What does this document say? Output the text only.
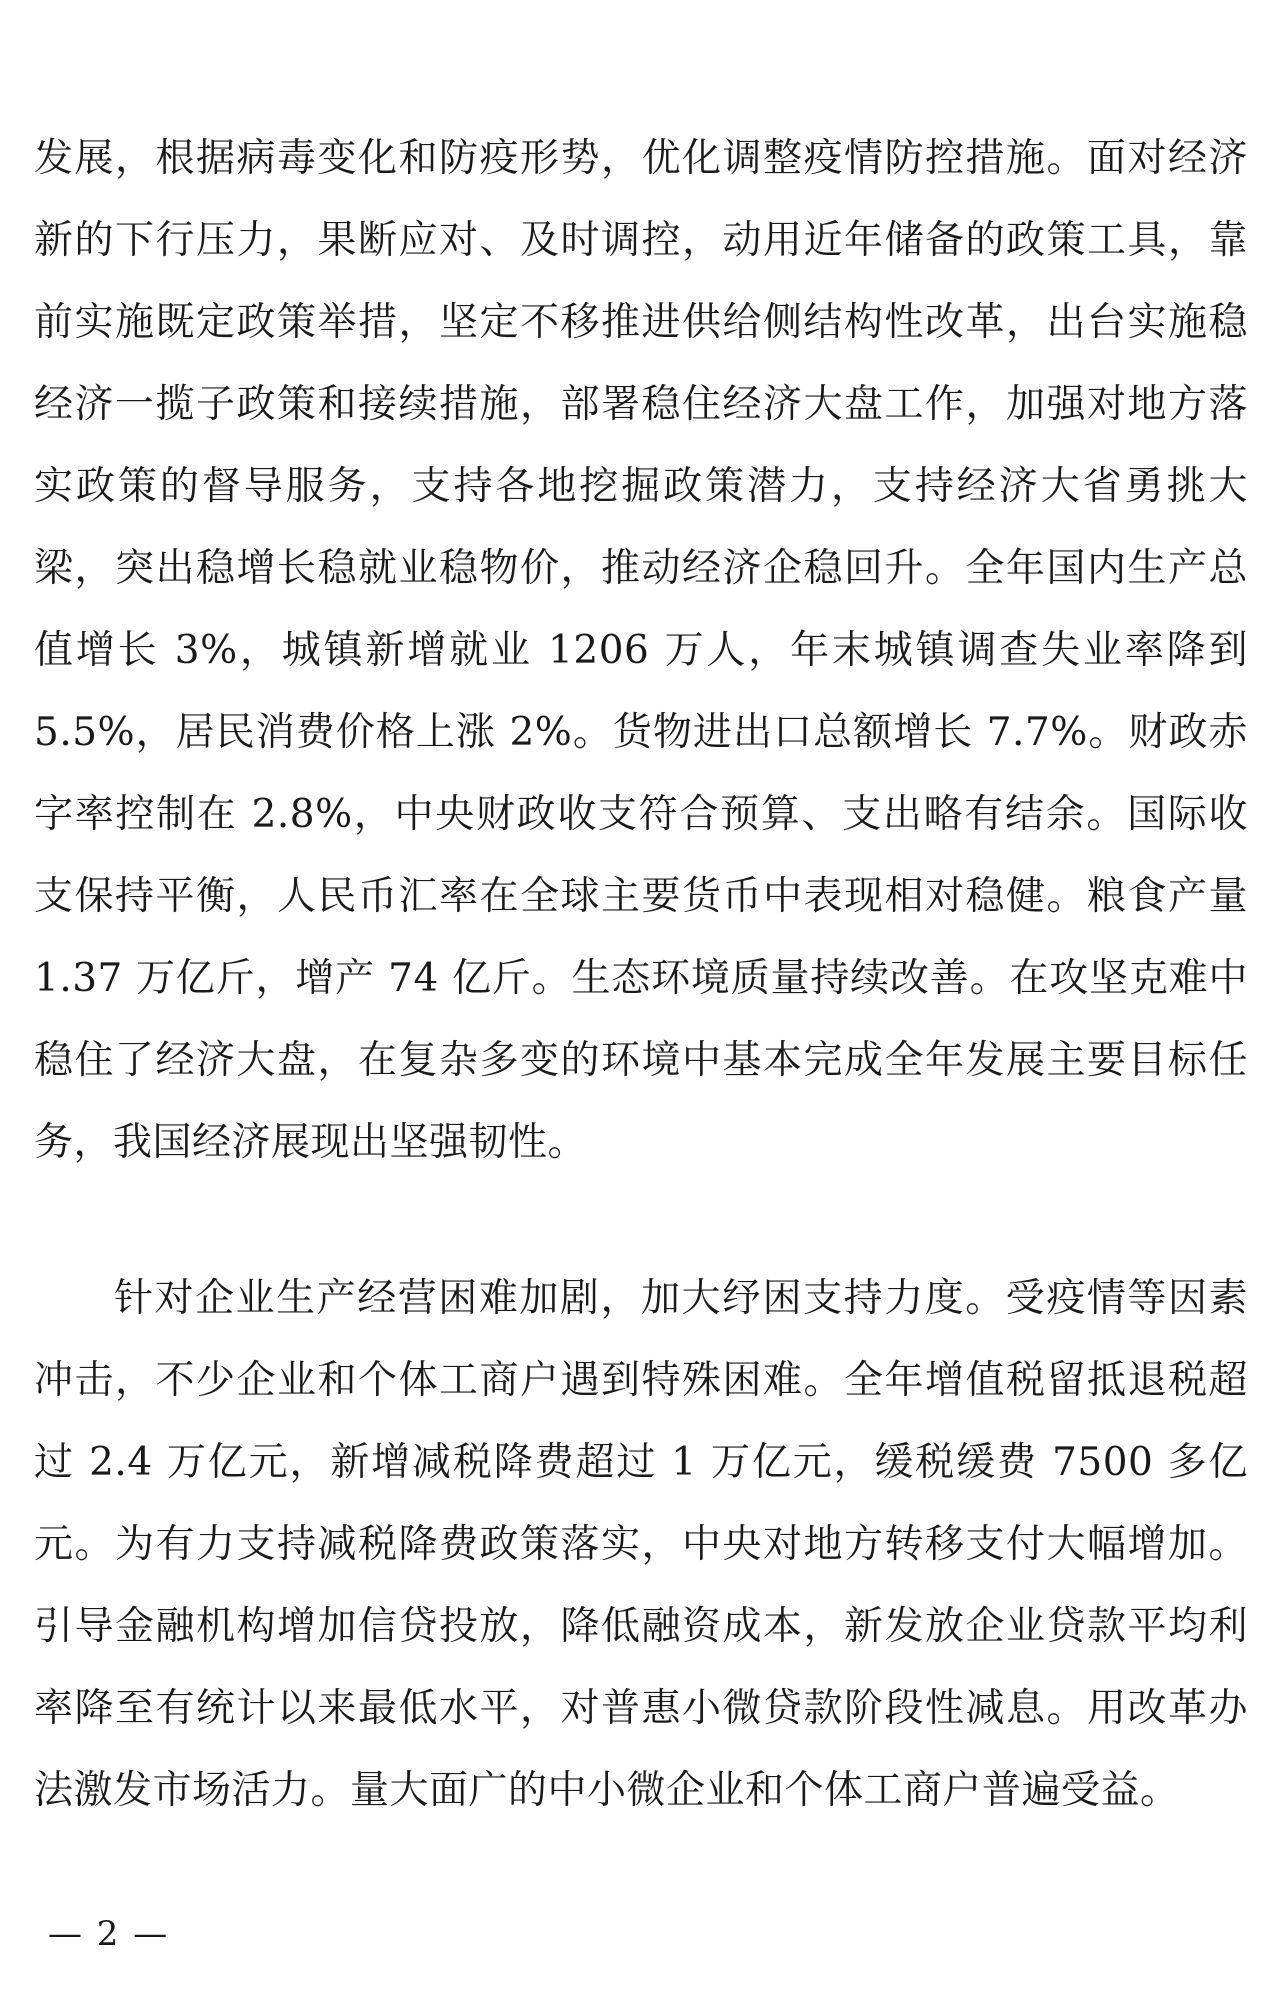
发展，根据病毒变化和防疫形势，优化调整疫情防控措施。面对经济新的下行压力，果断应对、及时调控，动用近年储备的政策工具，靠前实施既定政策举措，坚定不移推进供给侧结构性改革，出台实施稳经济一揽子政策和接续措施，部署稳住经济大盘工作，加强对地方落实政策的督导服务，支持各地挖掘政策潜力，支持经济大省勇挑大梁，突出稳增长稳就业稳物价，推动经济企稳回升。全年国内生产总值增长 3%，城镇新增就业 1206 万人，年末城镇调查失业率降到 5.5%，居民消费价格上涨 2%。货物进出口总额增长 7.7%。财政赤字率控制在 2.8%，中央财政收支符合预算、支出略有结余。国际收支保持平衡，人民币汇率在全球主要货币中表现相对稳健。粮食产量 1.37 万亿斤，增产 74 亿斤。生态环境质量持续改善。在攻坚克难中稳住了经济大盘，在复杂多变的环境中基本完成全年发展主要目标任务，我国经济展现出坚强韧性。
针对企业生产经营困难加剧，加大纾困支持力度。受疫情等因素冲击，不少企业和个体工商户遇到特殊困难。全年增值税留抵退税超过 2.4 万亿元，新增减税降费超过 1 万亿元，缓税缓费 7500 多亿元。为有力支持减税降费政策落实，中央对地方转移支付大幅增加。引导金融机构增加信贷投放，降低融资成本，新发放企业贷款平均利率降至有统计以来最低水平，对普惠小微贷款阶段性减息。用改革办法激发市场活力。量大面广的中小微企业和个体工商户普遍受益。
— 2 —
